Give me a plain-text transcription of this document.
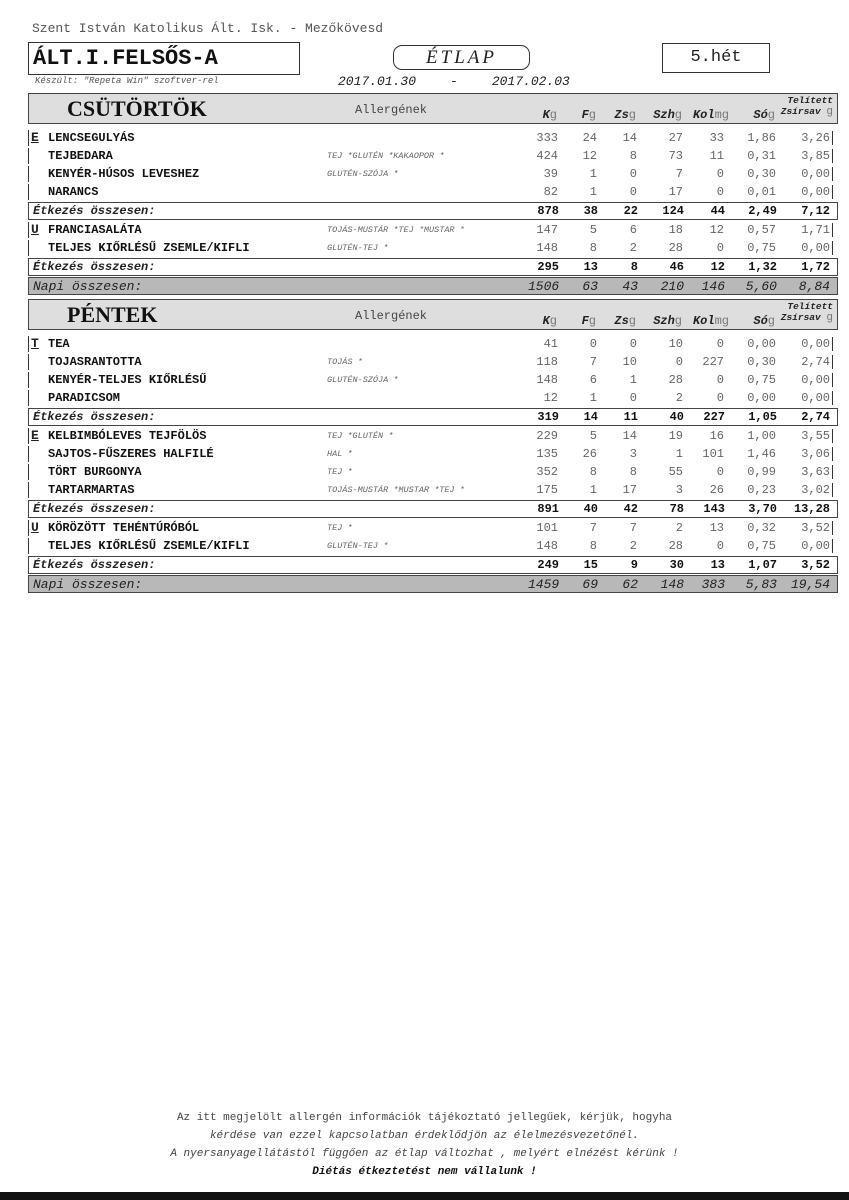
Szent István Katolikus Ált. Isk. - Mezőkövesd
ÁLT.I.FELSŐS-A	ÉTLAP	5.hét
Készült: "Repeta Win" szoftver-rel	2017.01.30	-	2017.02.03
CSÜTÖRTÖK	Allergének	Kg Fg Zsg Szhg Kolmg Sóg
Telített
Zsírsav g
E LENCSEGULYÁS	333	24	14	27	33	1,86	3,26
TEJBEDARA	TEJ *GLUTÉN *KAKAOPOR *	424	12	8	73	11	0,31	3,85
KENYÉR-HÚSOS LEVESHEZ	GLUTÉN-SZÓJA *	39	1	0	7	0	0,30	0,00
NARANCS	82	1	0	17	0	0,01	0,00
Étkezés összesen:	878	38	22	124	44	2,49	7,12
U FRANCIASALÁTA	TOJÁS-MUSTÁR *TEJ *MUSTAR *	147	5	6	18	12	0,57	1,71
TELJES KIŐRLÉSŰ ZSEMLE/KIFLI	GLUTÉN-TEJ *	148	8	2	28	0	0,75	0,00
Étkezés összesen:	295	13	8	46	12	1,32	1,72
Napi összesen:	1506	63	43	210	146	5,60	8,84
PÉNTEK	Allergének	Kg Fg Zsg Szhg Kolmg Sóg
Telített
Zsírsav g
T TEA	41	0	0	10	0	0,00	0,00
TOJASRANTOTTA	TOJÁS *	118	7	10	0	227	0,30	2,74
KENYÉR-TELJES KIŐRLÉSŰ	GLUTÉN-SZÓJA *	148	6	1	28	0	0,75	0,00
PARADICSOM	12	1	0	2	0	0,00	0,00
Étkezés összesen:	319	14	11	40	227	1,05	2,74
E KELBIMBÓLEVES TEJFÖLÖS	TEJ *GLUTÉN *	229	5	14	19	16	1,00	3,55
SAJTOS-FŰSZERES HALFILÉ	HAL *	135	26	3	1	101	1,46	3,06
TÖRT BURGONYA	TEJ *	352	8	8	55	0	0,99	3,63
TARTARMARTAS	TOJÁS-MUSTÁR *MUSTAR *TEJ *	175	1	17	3	26	0,23	3,02
Étkezés összesen:	891	40	42	78	143	3,70	13,28
U KÖRÖZÖTT TEHÉNTÚRÓBÓL	TEJ *	101	7	7	2	13	0,32	3,52
TELJES KIŐRLÉSŰ ZSEMLE/KIFLI	GLUTÉN-TEJ *	148	8	2	28	0	0,75	0,00
Étkezés összesen:	249	15	9	30	13	1,07	3,52
Napi összesen:	1459	69	62	148	383	5,83	19,54
Az itt megjelölt allergén információk tájékoztató jellegűek, kérjük, hogyha
kérdése van ezzel kapcsolatban érdeklődjön az élelmezésvezetőnél.
A nyersanyagellátástól függően az étlap változhat , melyért elnézést kérünk !
Diétás étkeztetést nem vállalunk !
